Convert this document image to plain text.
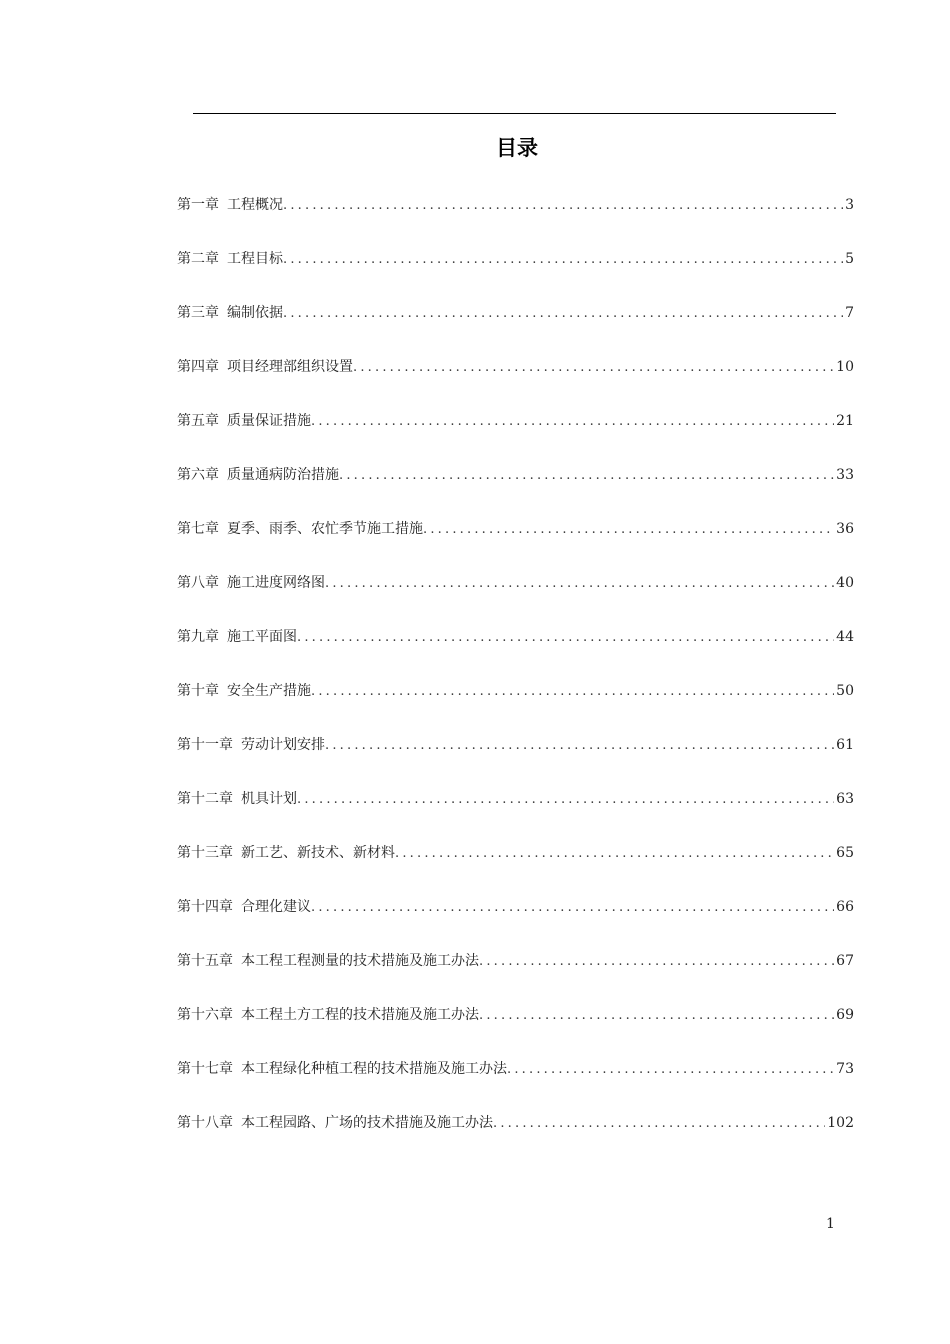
目录
第一章 工程概况 .....	3
第二章 工程目标 .....	5
第三章 编制依据 .....	7
第四章 项目经理部组织设置 .....	10
第五章 质量保证措施 .....	21
第六章 质量通病防治措施 .....	33
第七章 夏季、雨季、农忙季节施工措施 .....	36
第八章 施工进度网络图 .....	40
第九章 施工平面图 .....	44
第十章 安全生产措施 .....	50
第十一章 劳动计划安排 .....	61
第十二章 机具计划 .....	63
第十三章 新工艺、新技术、新材料 .....	65
第十四章 合理化建议 .....	66
第十五章 本工程工程测量的技术措施及施工办法 .....	67
第十六章 本工程土方工程的技术措施及施工办法 .....	69
第十七章 本工程绿化种植工程的技术措施及施工办法 .....	73
第十八章 本工程园路、广场的技术措施及施工办法 .....	102
1
